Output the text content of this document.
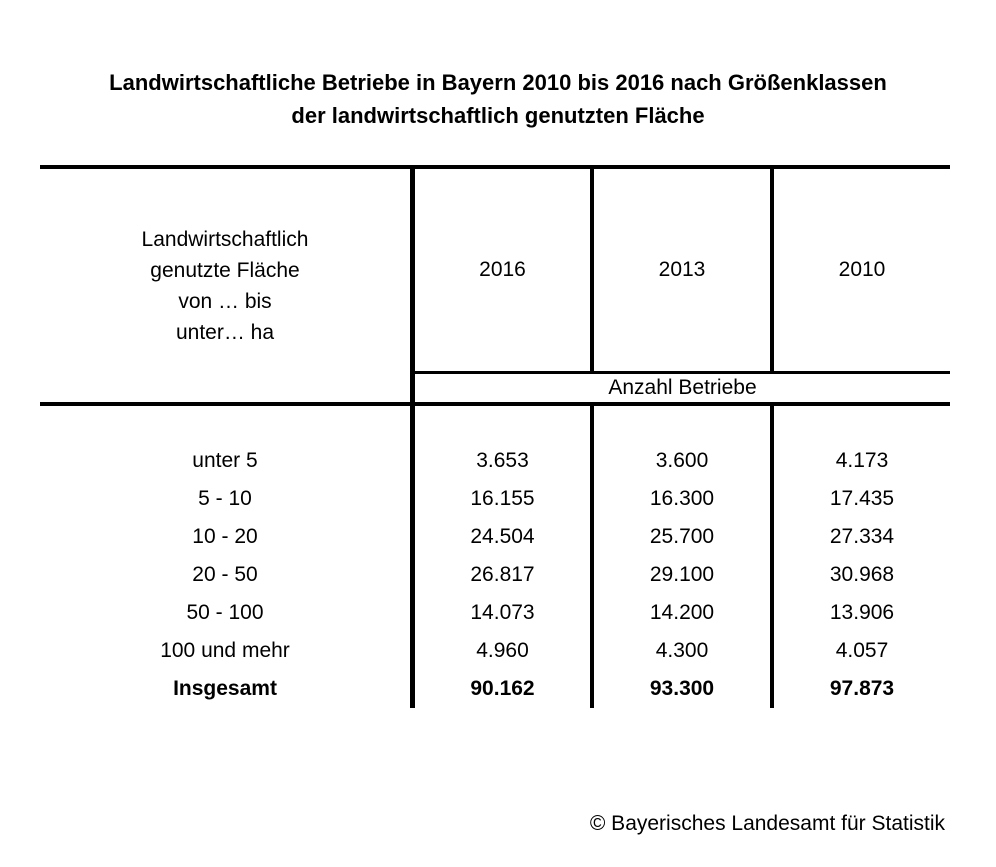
Landwirtschaftliche Betriebe in Bayern 2010 bis 2016 nach Größenklassen
der landwirtschaftlich genutzten Fläche
Landwirtschaftlich
genutzte Fläche
von … bis
unter… ha
2016	2013	2010
Anzahl Betriebe
unter 5	3.653	3.600	4.173
5 - 10	16.155	16.300	17.435
10 - 20	24.504	25.700	27.334
20 - 50	26.817	29.100	30.968
50 - 100	14.073	14.200	13.906
100 und mehr	4.960	4.300	4.057
Insgesamt	90.162	93.300	97.873
© Bayerisches Landesamt für Statistik
